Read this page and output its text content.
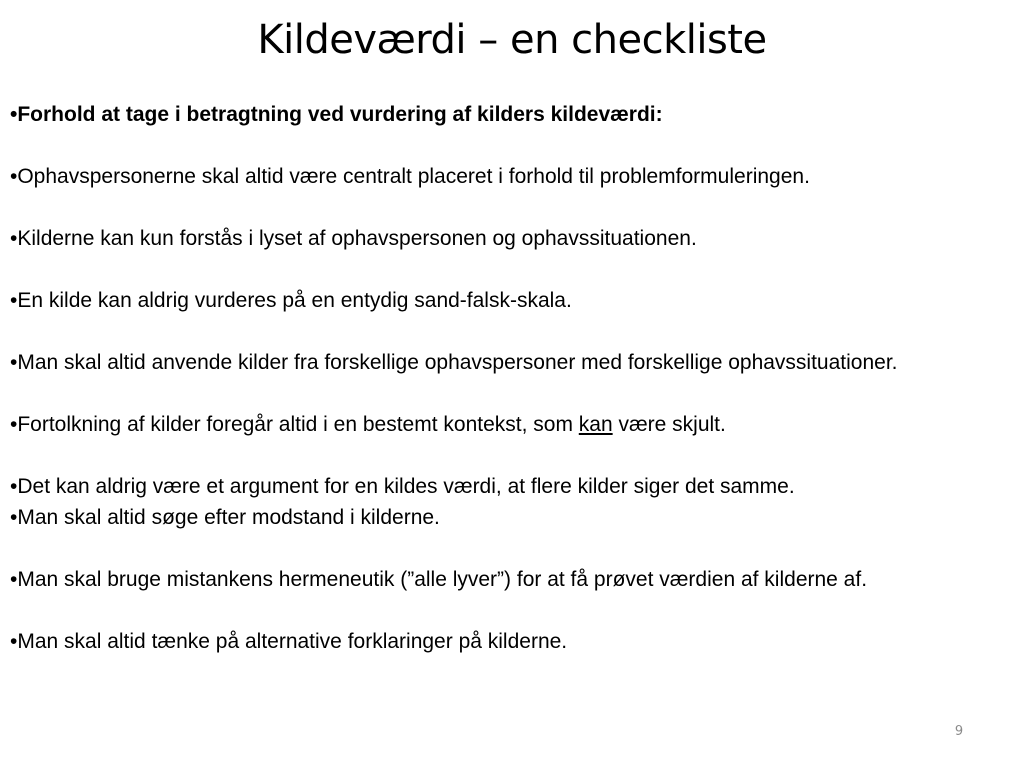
Kildeværdi – en checkliste

•Forhold at tage i betragtning ved vurdering af kilders kildeværdi:

•Ophavspersonerne skal altid være centralt placeret i forhold til problemformuleringen.

•Kilderne kan kun forstås i lyset af ophavspersonen og ophavssituationen.

•En kilde kan aldrig vurderes på en entydig sand-falsk-skala.

•Man skal altid anvende kilder fra forskellige ophavspersoner med forskellige ophavssituationer.

•Fortolkning af kilder foregår altid i en bestemt kontekst, som kan være skjult.

•Det kan aldrig være et argument for en kildes værdi, at flere kilder siger det samme.

•Man skal altid søge efter modstand i kilderne.

•Man skal bruge mistankens hermeneutik (”alle lyver”) for at få prøvet værdien af kilderne af.

•Man skal altid tænke på alternative forklaringer på kilderne.

9
